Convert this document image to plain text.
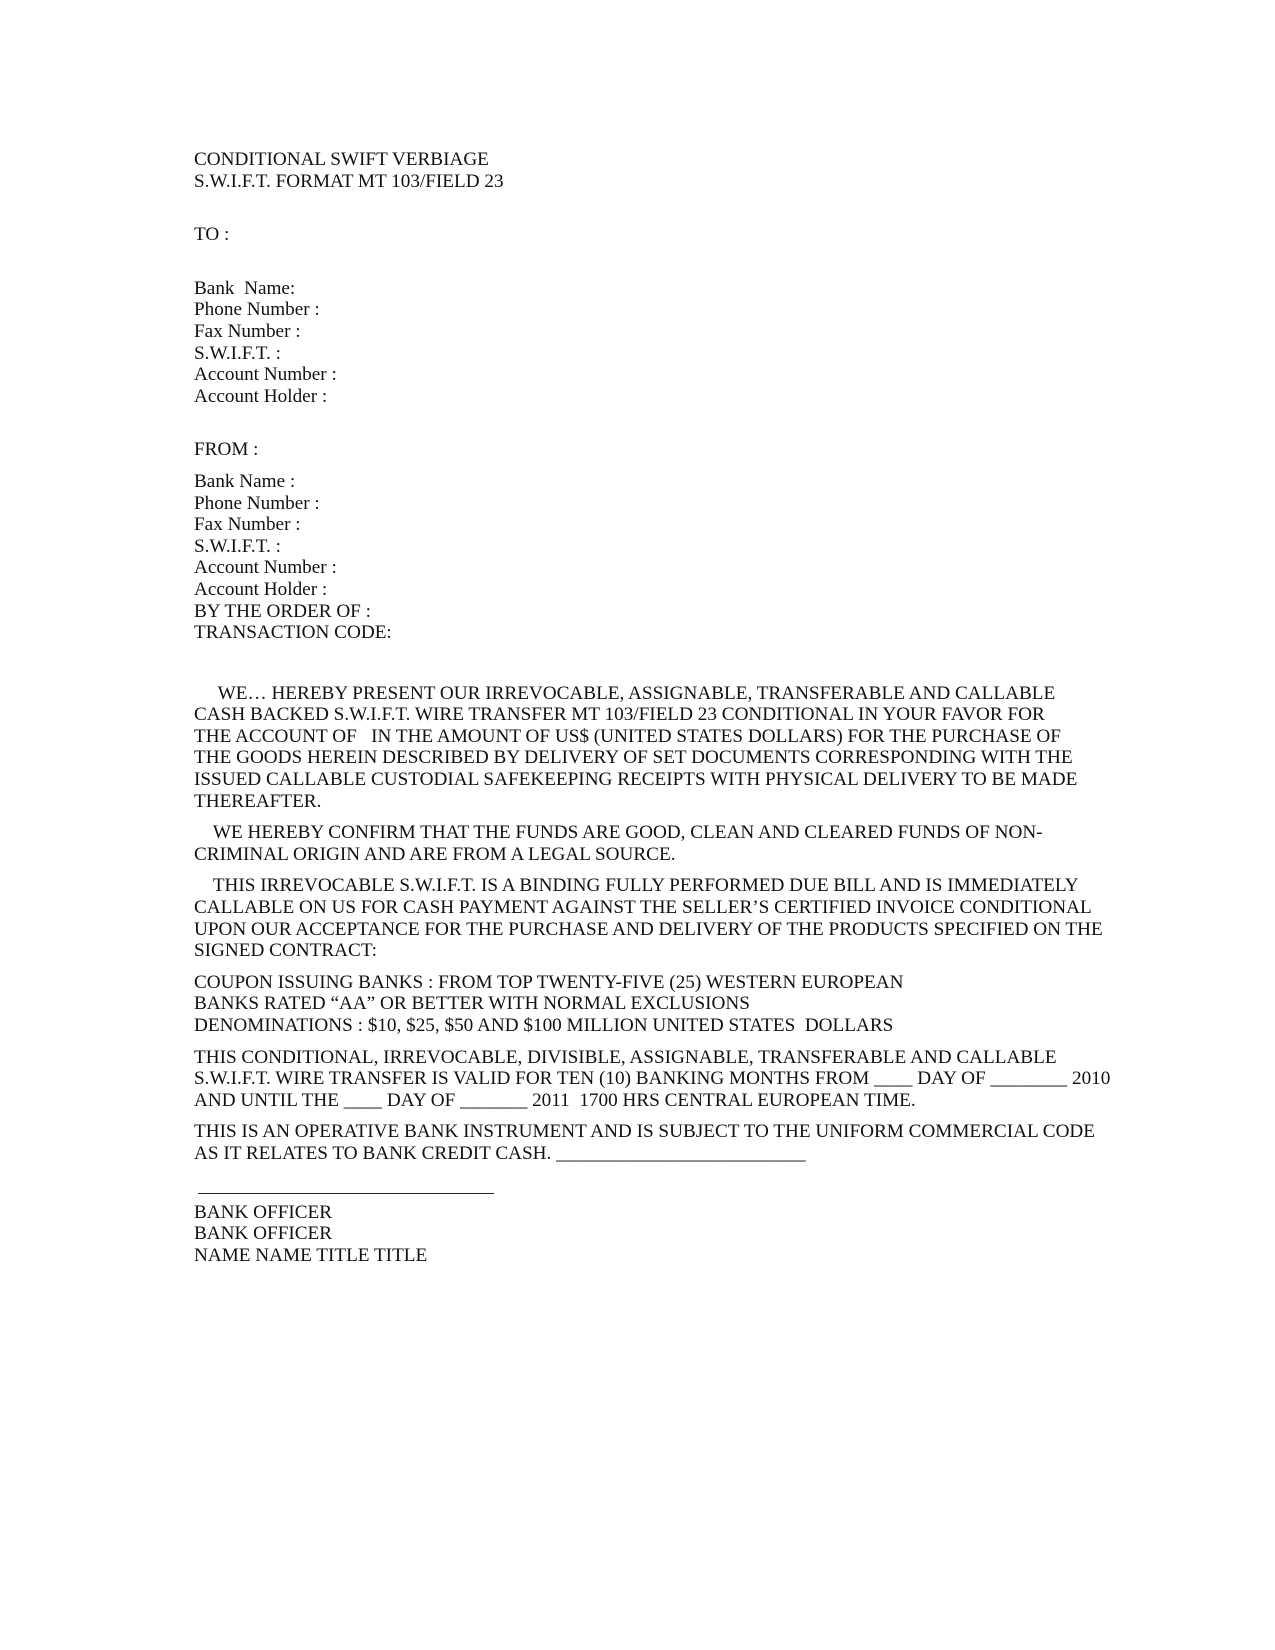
CONDITIONAL SWIFT VERBIAGE
S.W.I.F.T. FORMAT MT 103/FIELD 23
TO :
Bank  Name:
Phone Number :
Fax Number :
S.W.I.F.T. :
Account Number :
Account Holder :
FROM :
Bank Name :
Phone Number :
Fax Number :
S.W.I.F.T. :
Account Number :
Account Holder :
BY THE ORDER OF :
TRANSACTION CODE:
WE… HEREBY PRESENT OUR IRREVOCABLE, ASSIGNABLE, TRANSFERABLE AND CALLABLE
CASH BACKED S.W.I.F.T. WIRE TRANSFER MT 103/FIELD 23 CONDITIONAL IN YOUR FAVOR FOR
THE ACCOUNT OF   IN THE AMOUNT OF US$ (UNITED STATES DOLLARS) FOR THE PURCHASE OF
THE GOODS HEREIN DESCRIBED BY DELIVERY OF SET DOCUMENTS CORRESPONDING WITH THE
ISSUED CALLABLE CUSTODIAL SAFEKEEPING RECEIPTS WITH PHYSICAL DELIVERY TO BE MADE
THEREAFTER.
WE HEREBY CONFIRM THAT THE FUNDS ARE GOOD, CLEAN AND CLEARED FUNDS OF NON-
CRIMINAL ORIGIN AND ARE FROM A LEGAL SOURCE.
THIS IRREVOCABLE S.W.I.F.T. IS A BINDING FULLY PERFORMED DUE BILL AND IS IMMEDIATELY
CALLABLE ON US FOR CASH PAYMENT AGAINST THE SELLER’S CERTIFIED INVOICE CONDITIONAL
UPON OUR ACCEPTANCE FOR THE PURCHASE AND DELIVERY OF THE PRODUCTS SPECIFIED ON THE
SIGNED CONTRACT:
COUPON ISSUING BANKS : FROM TOP TWENTY-FIVE (25) WESTERN EUROPEAN
BANKS RATED “AA” OR BETTER WITH NORMAL EXCLUSIONS
DENOMINATIONS : $10, $25, $50 AND $100 MILLION UNITED STATES  DOLLARS
THIS CONDITIONAL, IRREVOCABLE, DIVISIBLE, ASSIGNABLE, TRANSFERABLE AND CALLABLE
S.W.I.F.T. WIRE TRANSFER IS VALID FOR TEN (10) BANKING MONTHS FROM ____ DAY OF ________ 2010
AND UNTIL THE ____ DAY OF _______ 2011  1700 HRS CENTRAL EUROPEAN TIME.
THIS IS AN OPERATIVE BANK INSTRUMENT AND IS SUBJECT TO THE UNIFORM COMMERCIAL CODE
AS IT RELATES TO BANK CREDIT CASH. __________________________
BANK OFFICER
BANK OFFICER
NAME NAME TITLE TITLE
